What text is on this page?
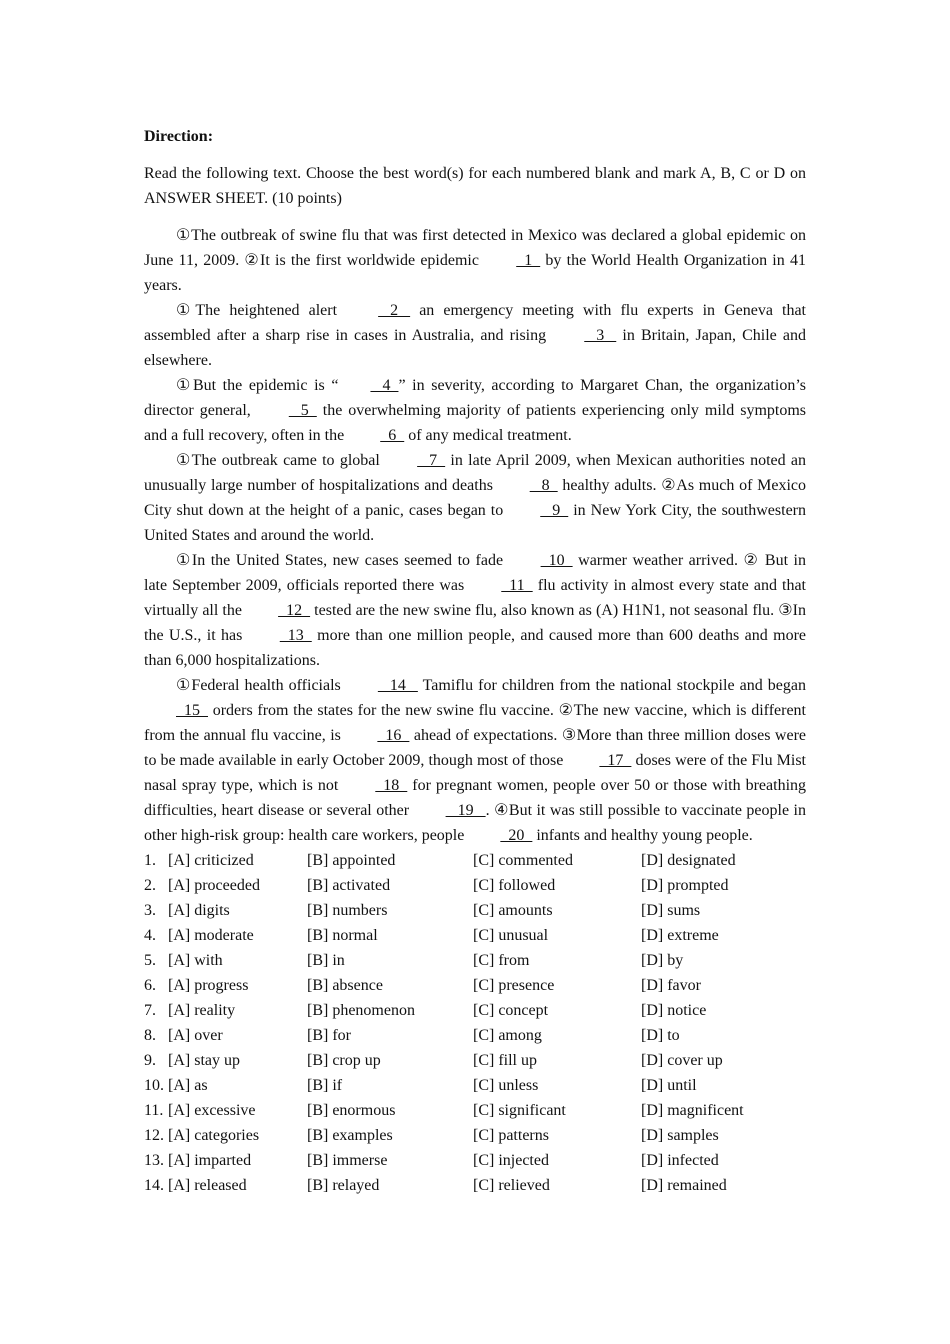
Direction:
Read the following text. Choose the best word(s) for each numbered blank and mark A, B, C or D on ANSWER SHEET. (10 points)

①The outbreak of swine flu that was first detected in Mexico was declared a global epidemic on June 11, 2009. ②It is the first worldwide epidemic   1   by the World Health Organization in 41 years.

①The heightened alert    2    an emergency meeting with flu experts in Geneva that assembled after a sharp rise in cases in Australia, and rising    3    in Britain, Japan, Chile and elsewhere.

①But the epidemic is “   4  ” in severity, according to Margaret Chan, the organization’s director general,    5   the overwhelming majority of patients experiencing only mild symptoms and a full recovery, often in the   6   of any medical treatment.

①The outbreak came to global    7   in late April 2009, when Mexican authorities noted an unusually large number of hospitalizations and deaths    8   healthy adults. ②As much of Mexico City shut down at the height of a panic, cases began to    9   in New York City, the southwestern United States and around the world.

①In the United States, new cases seemed to fade   10   warmer weather arrived. ② But in late September 2009, officials reported there was   11   flu activity in almost every state and that virtually all the   12   tested are the new swine flu, also known as (A) H1N1, not seasonal flu. ③In the U.S., it has   13   more than one million people, and caused more than 600 deaths and more than 6,000 hospitalizations.

①Federal health officials    14    Tamiflu for children from the national stockpile and began   15   orders from the states for the new swine flu vaccine. ②The new vaccine, which is different from the annual flu vaccine, is   16   ahead of expectations. ③More than three million doses were to be made available in early October 2009, though most of those   17   doses were of the Flu Mist nasal spray type, which is not   18   for pregnant women, people over 50 or those with breathing difficulties, heart disease or several other    19   . ④But it was still possible to vaccinate people in other high-risk group: health care workers, people   20   infants and healthy young people.

1. [A] criticized	[B] appointed	[C] commented	[D] designated
2. [A] proceeded	[B] activated	[C] followed	[D] prompted
3. [A] digits	[B] numbers	[C] amounts	[D] sums
4. [A] moderate	[B] normal	[C] unusual	[D] extreme
5. [A] with	[B] in	[C] from	[D] by
6. [A] progress	[B] absence	[C] presence	[D] favor
7. [A] reality	[B] phenomenon	[C] concept	[D] notice
8. [A] over	[B] for	[C] among	[D] to
9. [A] stay up	[B] crop up	[C] fill up	[D] cover up
10. [A] as	[B] if	[C] unless	[D] until
11. [A] excessive	[B] enormous	[C] significant	[D] magnificent
12. [A] categories	[B] examples	[C] patterns	[D] samples
13. [A] imparted	[B] immerse	[C] injected	[D] infected
14. [A] released	[B] relayed	[C] relieved	[D] remained
